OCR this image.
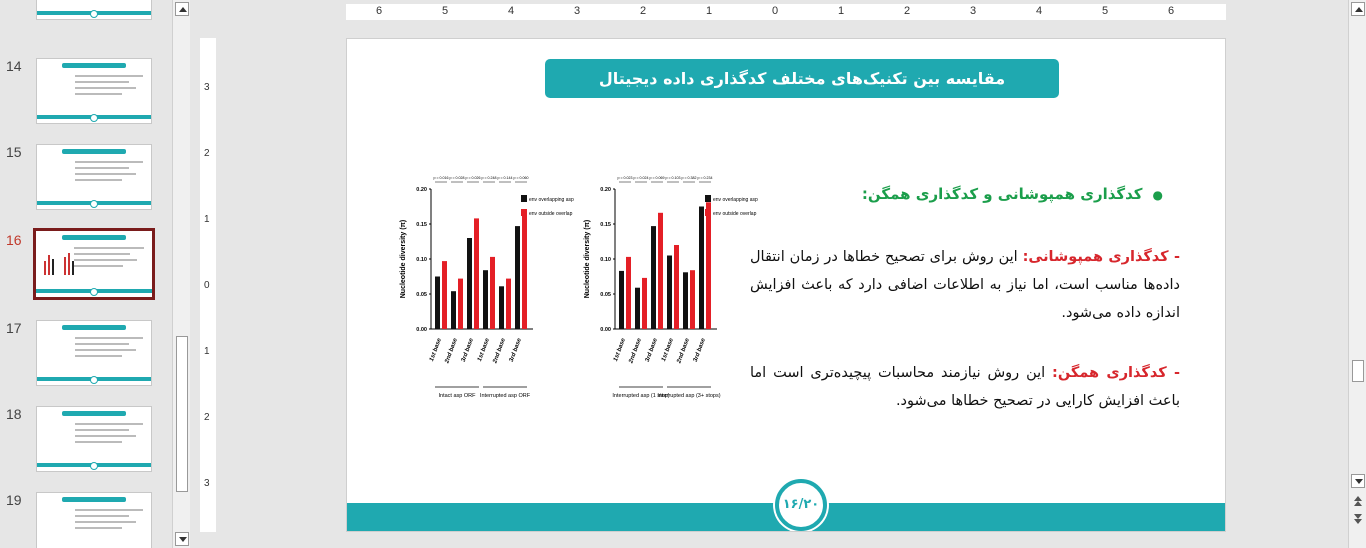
14
15
16
17
18
19
6	5	4	3	2	1	0	1	2	3	4	5	6
3
2
1
0
1
2
3
مقایسه بین تکنیک‌های مختلف کدگذاری داده دیجیتال
Nucleotide diversity (π)
0.00
0.05
0.10
0.15
0.20
1st base
p = 0.016
2nd base
p = 0.028
3rd base
p = 0.026
1st base
p = 0.248
2nd base
p = 0.144
3rd base
p = 0.060
Intact asp ORF Interrupted asp ORF
env overlapping asp
env outside overlap
Nucleotide diversity (π)
0.00
0.05
0.10
0.15
0.20
1st base
p = 0.023
2nd base
p = 0.024
3rd base
p = 0.069
1st base
p = 0.103
2nd base
p = 0.382
3rd base
p = 0.234
Interrupted asp (1 stop)
Interrupted asp (3+ stops)
env overlapping asp
env outside overlap
●کدگذاری همپوشانی و کدگذاری همگن:
- کدگذاری همپوشانی: این روش برای تصحیح خطاها در زمان انتقال داده‌ها مناسب است، اما نیاز به اطلاعات اضافی دارد که باعث افزایش اندازه داده می‌شود.
- کدگذاری همگن: این روش نیازمند محاسبات پیچیده‌تری است اما باعث افزایش کارایی در تصحیح خطاها می‌شود.
۱۶/۲۰
